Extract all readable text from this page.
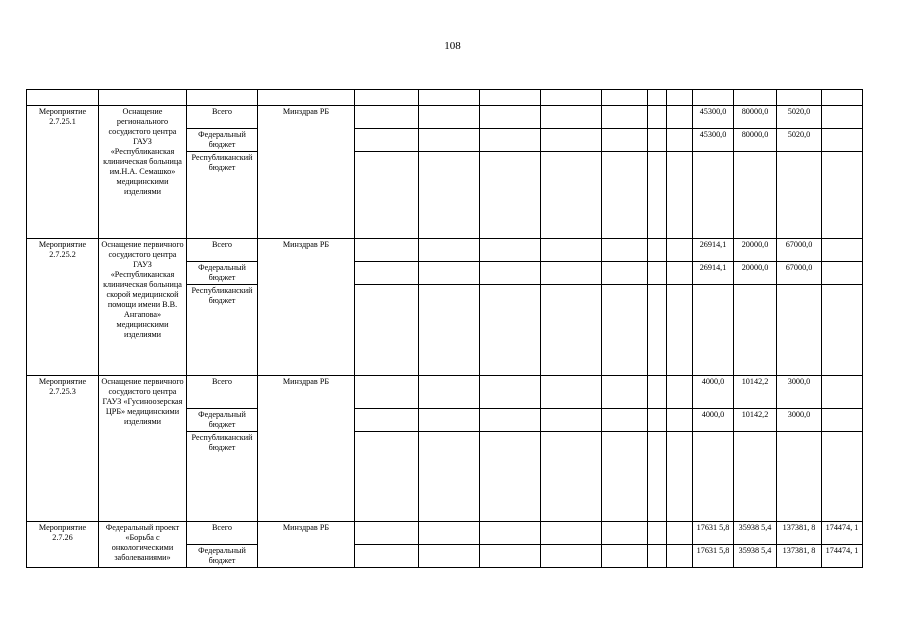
108

Мероприятие 2.7.25.1	Оснащение регионального сосудистого центра ГАУЗ «Республиканская клиническая больница им.Н.А. Семашко» медицинскими изделиями	Всего	Минздрав РБ								45300,0	80000,0	5020,0	
		Федеральный бюджет									45300,0	80000,0	5020,0	
		Республиканский бюджет												
Мероприятие 2.7.25.2	Оснащение первичного сосудистого центра ГАУЗ «Республиканская клиническая больница скорой медицинской помощи имени В.В. Ангапова» медицинскими изделиями	Всего	Минздрав РБ								26914,1	20000,0	67000,0	
		Федеральный бюджет									26914,1	20000,0	67000,0	
		Республиканский бюджет												
Мероприятие 2.7.25.3	Оснащение первичного сосудистого центра ГАУЗ «Гусиноозерская ЦРБ» медицинскими изделиями	Всего	Минздрав РБ								4000,0	10142,2	3000,0	
		Федеральный бюджет									4000,0	10142,2	3000,0	
		Республиканский бюджет												
Мероприятие 2.7.26	Федеральный проект «Борьба с онкологическими заболеваниями»	Всего	Минздрав РБ								17631 5,8	35938 5,4	137381, 8	174474, 1
		Федеральный бюджет									17631 5,8	35938 5,4	137381, 8	174474, 1
